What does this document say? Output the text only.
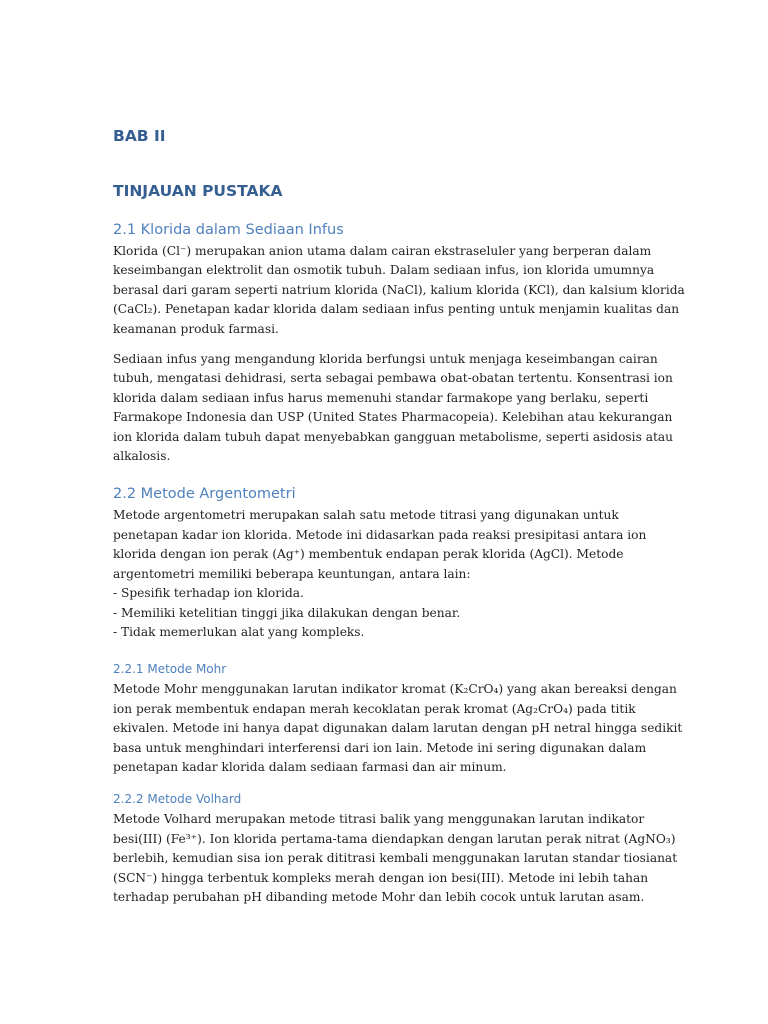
BAB II
TINJAUAN PUSTAKA
2.1 Klorida dalam Sediaan Infus

Klorida (Cl⁻) merupakan anion utama dalam cairan ekstraseluler yang berperan dalam
keseimbangan elektrolit dan osmotik tubuh. Dalam sediaan infus, ion klorida umumnya
berasal dari garam seperti natrium klorida (NaCl), kalium klorida (KCl), dan kalsium klorida
(CaCl₂). Penetapan kadar klorida dalam sediaan infus penting untuk menjamin kualitas dan
keamanan produk farmasi.

Sediaan infus yang mengandung klorida berfungsi untuk menjaga keseimbangan cairan
tubuh, mengatasi dehidrasi, serta sebagai pembawa obat-obatan tertentu. Konsentrasi ion
klorida dalam sediaan infus harus memenuhi standar farmakope yang berlaku, seperti
Farmakope Indonesia dan USP (United States Pharmacopeia). Kelebihan atau kekurangan
ion klorida dalam tubuh dapat menyebabkan gangguan metabolisme, seperti asidosis atau
alkalosis.

2.2 Metode Argentometri

Metode argentometri merupakan salah satu metode titrasi yang digunakan untuk
penetapan kadar ion klorida. Metode ini didasarkan pada reaksi presipitasi antara ion
klorida dengan ion perak (Ag⁺) membentuk endapan perak klorida (AgCl). Metode
argentometri memiliki beberapa keuntungan, antara lain:
- Spesifik terhadap ion klorida.
- Memiliki ketelitian tinggi jika dilakukan dengan benar.
- Tidak memerlukan alat yang kompleks.

2.2.1 Metode Mohr

Metode Mohr menggunakan larutan indikator kromat (K₂CrO₄) yang akan bereaksi dengan
ion perak membentuk endapan merah kecoklatan perak kromat (Ag₂CrO₄) pada titik
ekivalen. Metode ini hanya dapat digunakan dalam larutan dengan pH netral hingga sedikit
basa untuk menghindari interferensi dari ion lain. Metode ini sering digunakan dalam
penetapan kadar klorida dalam sediaan farmasi dan air minum.

2.2.2 Metode Volhard

Metode Volhard merupakan metode titrasi balik yang menggunakan larutan indikator
besi(III) (Fe³⁺). Ion klorida pertama-tama diendapkan dengan larutan perak nitrat (AgNO₃)
berlebih, kemudian sisa ion perak dititrasi kembali menggunakan larutan standar tiosianat
(SCN⁻) hingga terbentuk kompleks merah dengan ion besi(III). Metode ini lebih tahan
terhadap perubahan pH dibanding metode Mohr dan lebih cocok untuk larutan asam.
